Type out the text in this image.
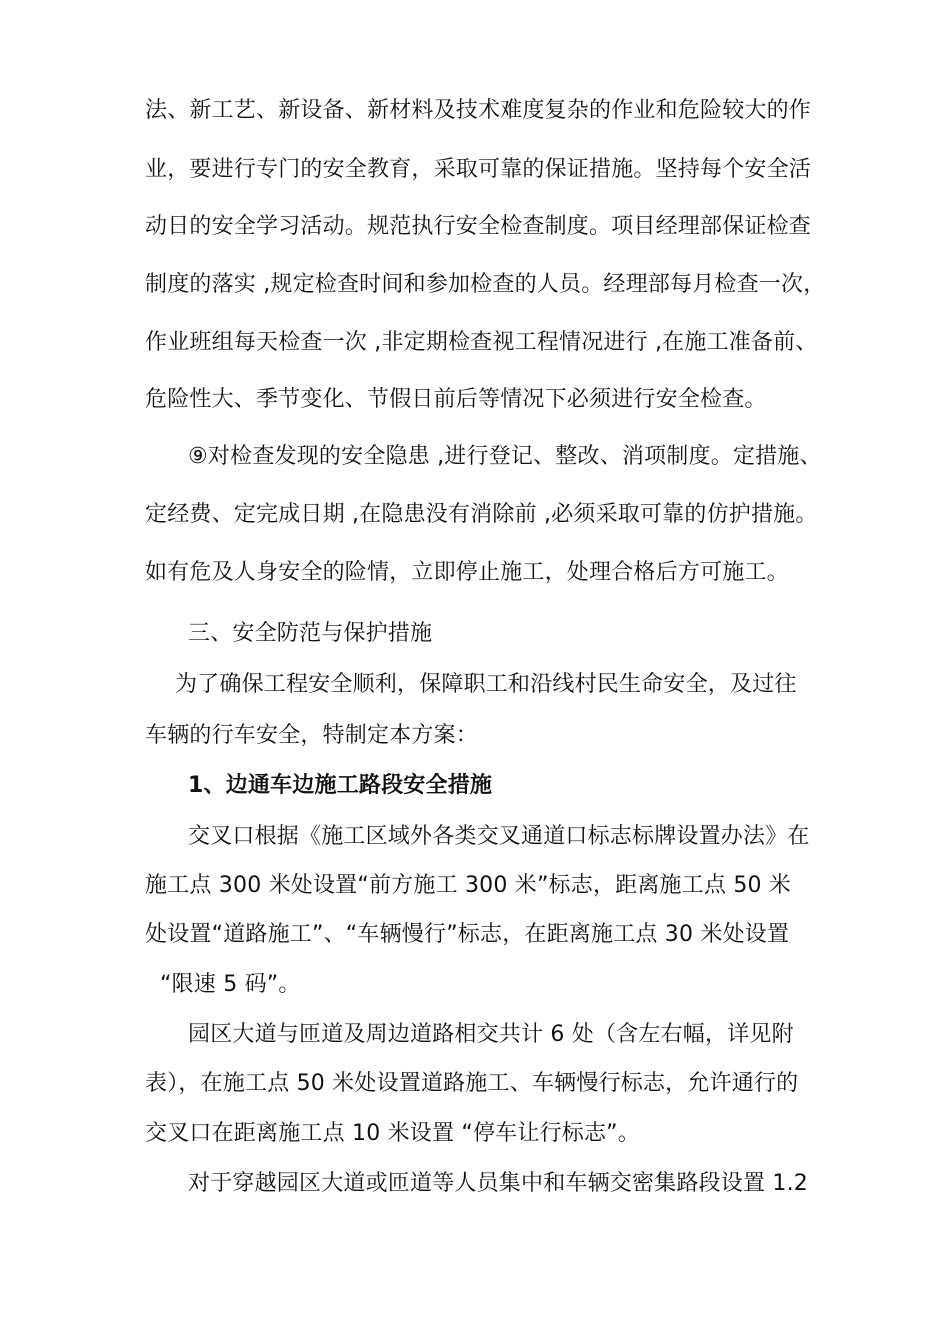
法、新工艺、新设备、新材料及技术难度复杂的作业和危险较大的作
业，要进行专门的安全教育，采取可靠的保证措施。坚持每个安全活
动日的安全学习活动。规范执行安全检查制度。项目经理部保证检查
制度的落实 ,规定检查时间和参加检查的人员。经理部每月检查一次，
作业班组每天检查一次 ,非定期检查视工程情况进行 ,在施工准备前、
危险性大、季节变化、节假日前后等情况下必须进行安全检查。
⑨对检查发现的安全隐患 ,进行登记、整改、消项制度。定措施、
定经费、定完成日期 ,在隐患没有消除前 ,必须采取可靠的仿护措施。
如有危及人身安全的险情，立即停止施工，处理合格后方可施工。
三、安全防范与保护措施
为了确保工程安全顺利，保障职工和沿线村民生命安全，及过往
车辆的行车安全，特制定本方案：
1、边通车边施工路段安全措施
交叉口根据《施工区域外各类交叉通道口标志标牌设置办法》在
施工点 300 米处设置“前方施工 300 米”标志，距离施工点 50 米
处设置“道路施工”、“车辆慢行”标志，在距离施工点 30 米处设置
“限速 5 码”。
园区大道与匝道及周边道路相交共计 6 处（含左右幅，详见附
表），在施工点 50 米处设置道路施工、车辆慢行标志，允许通行的
交叉口在距离施工点 10 米设置 “停车让行标志”。
对于穿越园区大道或匝道等人员集中和车辆交密集路段设置 1.2
